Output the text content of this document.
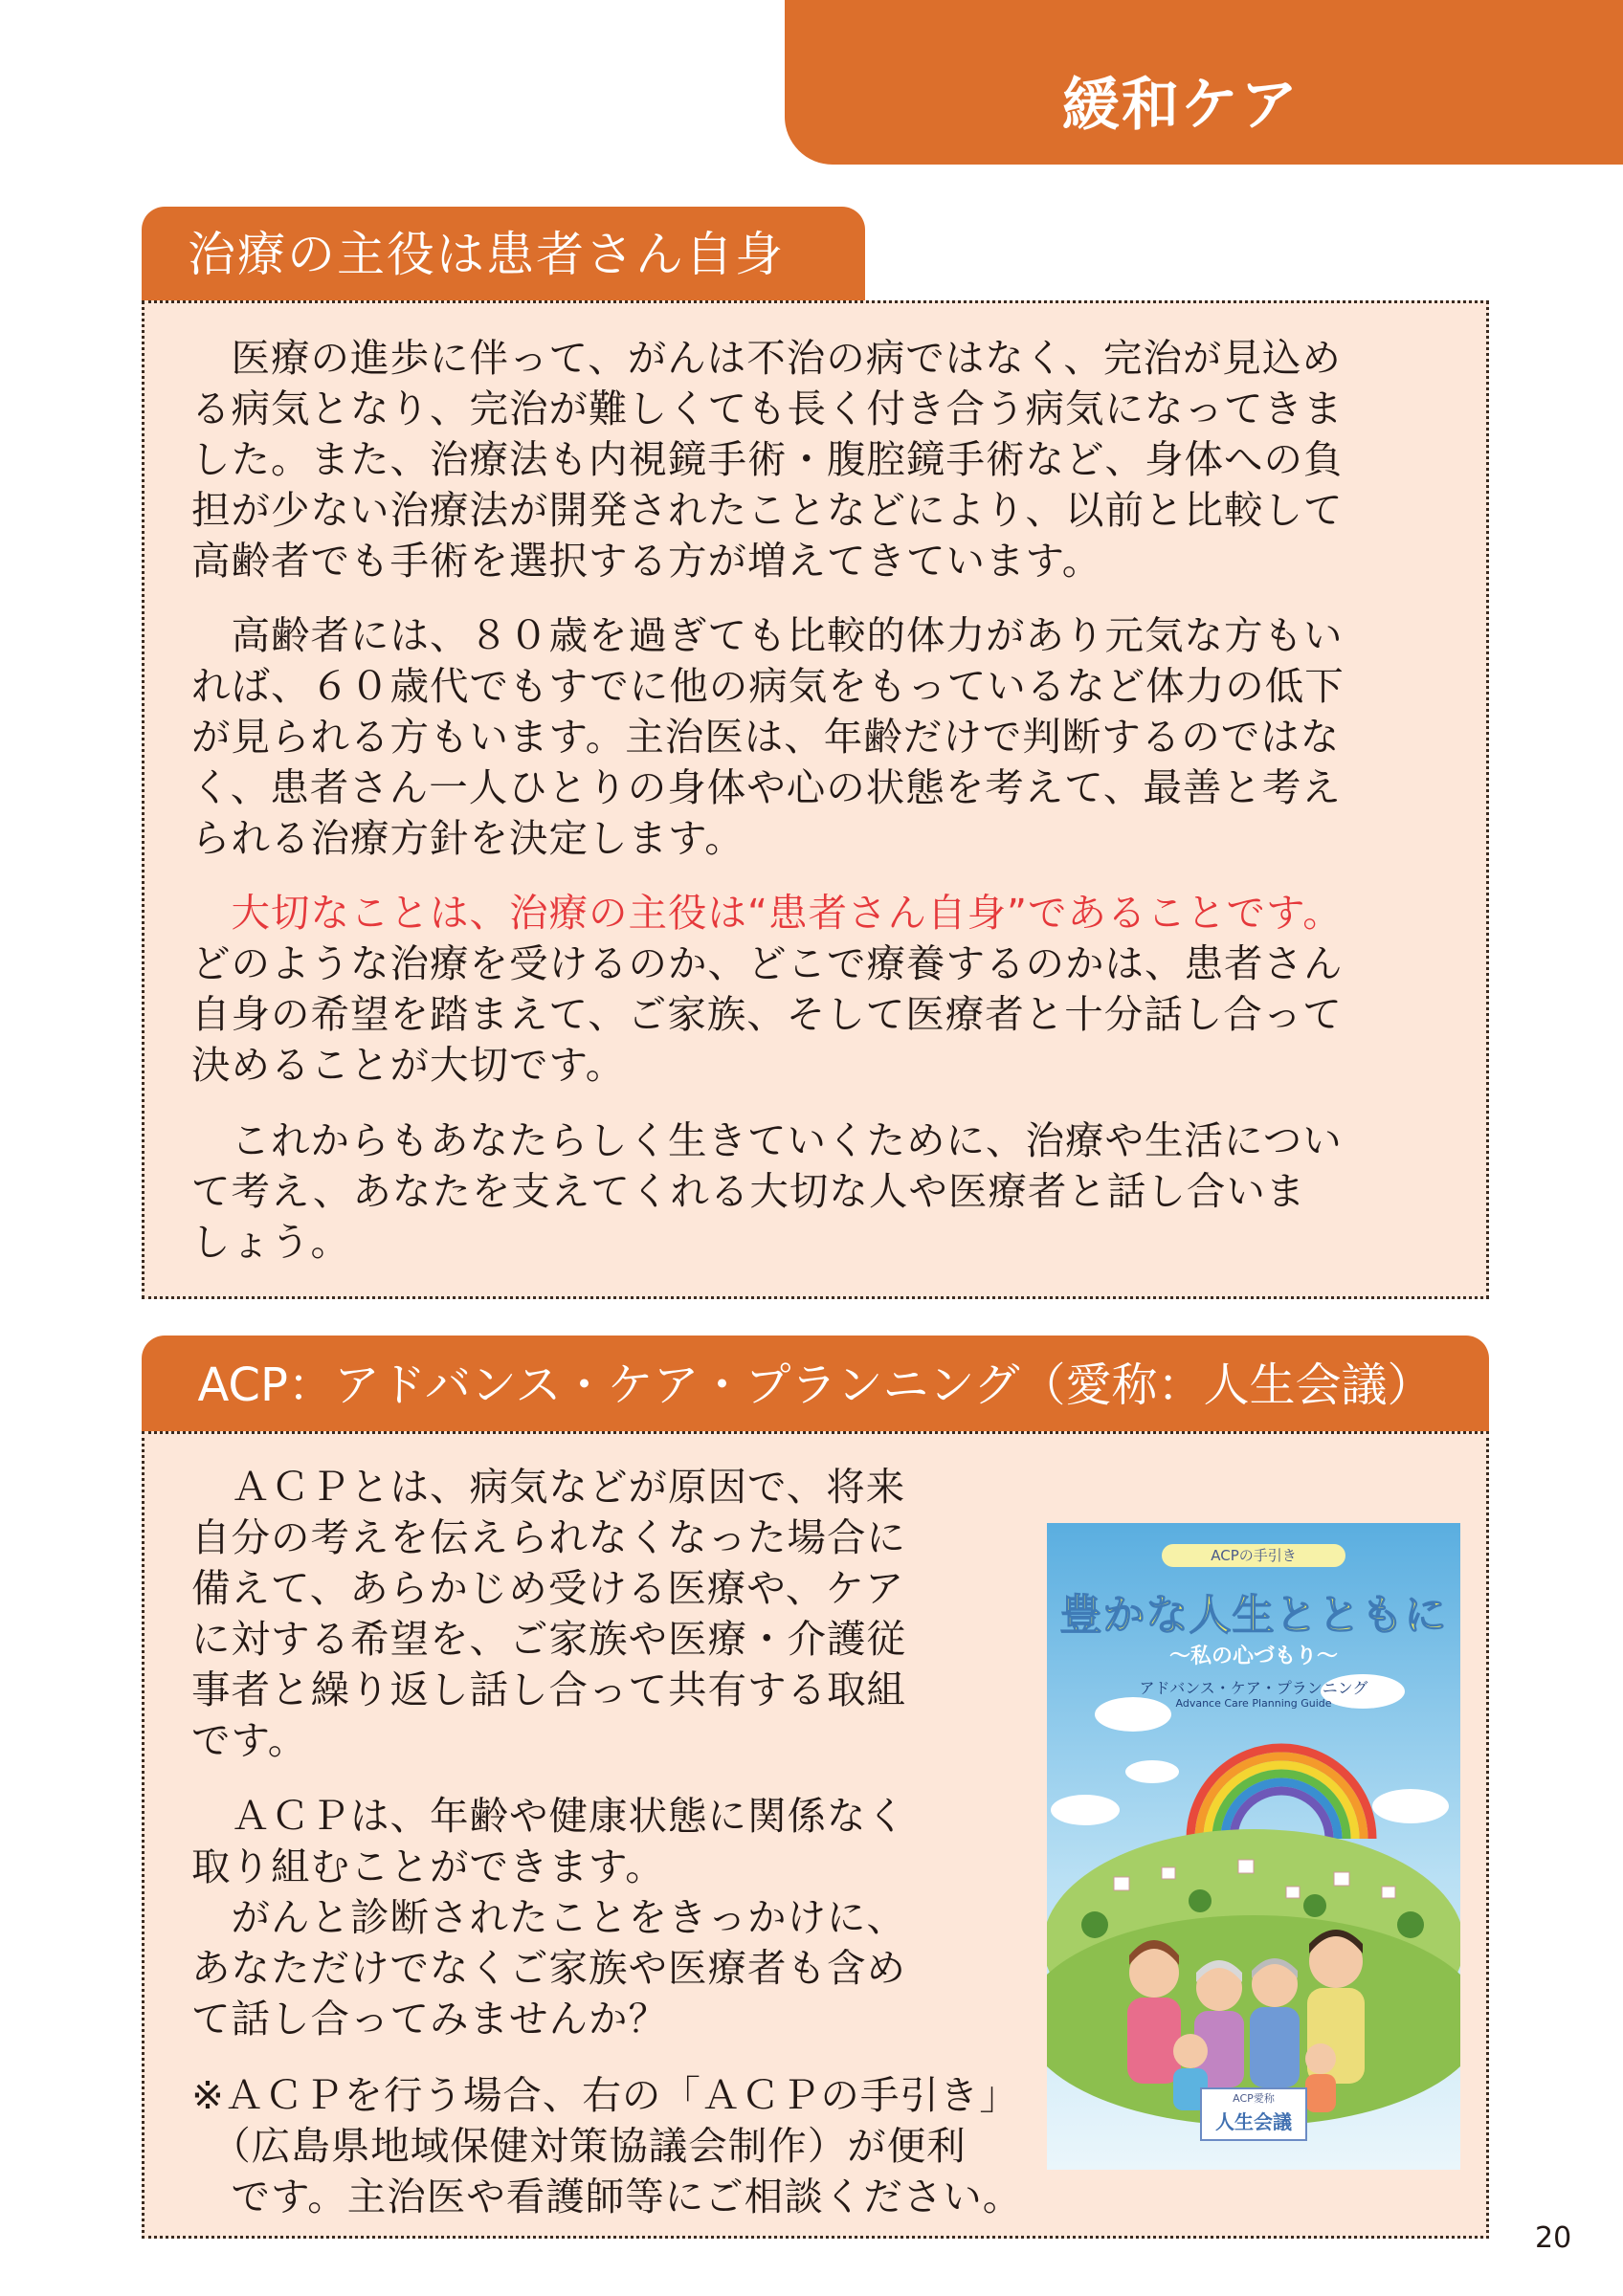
緩和ケア
治療の主役は患者さん自身

　医療の進歩に伴って、がんは不治の病ではなく、完治が見込め
る病気となり、完治が難しくても長く付き合う病気になってきま
した。また、治療法も内視鏡手術・腹腔鏡手術など、身体への負
担が少ない治療法が開発されたことなどにより、以前と比較して
高齢者でも手術を選択する方が増えてきています。

　高齢者には、８０歳を過ぎても比較的体力があり元気な方もい
れば、６０歳代でもすでに他の病気をもっているなど体力の低下
が見られる方もいます。主治医は、年齢だけで判断するのではな
く、患者さん一人ひとりの身体や心の状態を考えて、最善と考え
られる治療方針を決定します。

　大切なことは、治療の主役は“患者さん自身”であることです。

どのような治療を受けるのか、どこで療養するのかは、患者さん
自身の希望を踏まえて、ご家族、そして医療者と十分話し合って
決めることが大切です。

　これからもあなたらしく生きていくために、治療や生活につい
て考え、あなたを支えてくれる大切な人や医療者と話し合いま
しょう。

ACP：アドバンス・ケア・プランニング（愛称：人生会議）

　ＡＣＰとは、病気などが原因で、将来
自分の考えを伝えられなくなった場合に
備えて、あらかじめ受ける医療や、ケア
に対する希望を、ご家族や医療・介護従
事者と繰り返し話し合って共有する取組
です。

　ＡＣＰは、年齢や健康状態に関係なく
取り組むことができます。
　がんと診断されたことをきっかけに、
あなただけでなくご家族や医療者も含め
て話し合ってみませんか？

※ＡＣＰを行う場合、右の「ＡＣＰの手引き」
　（広島県地域保健対策協議会制作）が便利
　です。主治医や看護師等にご相談ください。

ACPの手引き
豊かな人生とともに
～私の心づもり～
アドバンス・ケア・プランニング
Advance Care Planning Guide
ACP愛称
人生会議
20
